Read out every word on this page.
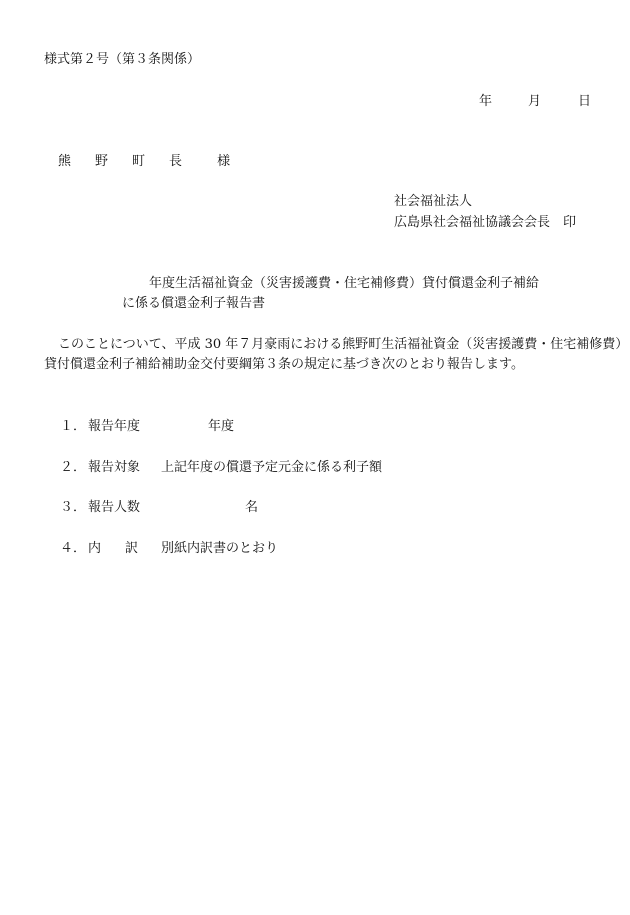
様式第２号（第３条関係）
年	月	日
熊 野 町 長	様
社会福祉法人
広島県社会福祉協議会会長 印
年度生活福祉資金（災害援護費・住宅補修費）貸付償還金利子補給
に係る償還金利子報告書
このことについて、平成 30 年７月豪雨における熊野町生活福祉資金（災害援護費・住宅補修費）
貸付償還金利子補給補助金交付要綱第３条の規定に基づき次のとおり報告します。
１． 報告年度	年度
２． 報告対象 上記年度の償還予定元金に係る利子額
３． 報告人数	名
４． 内 訳 別紙内訳書のとおり
